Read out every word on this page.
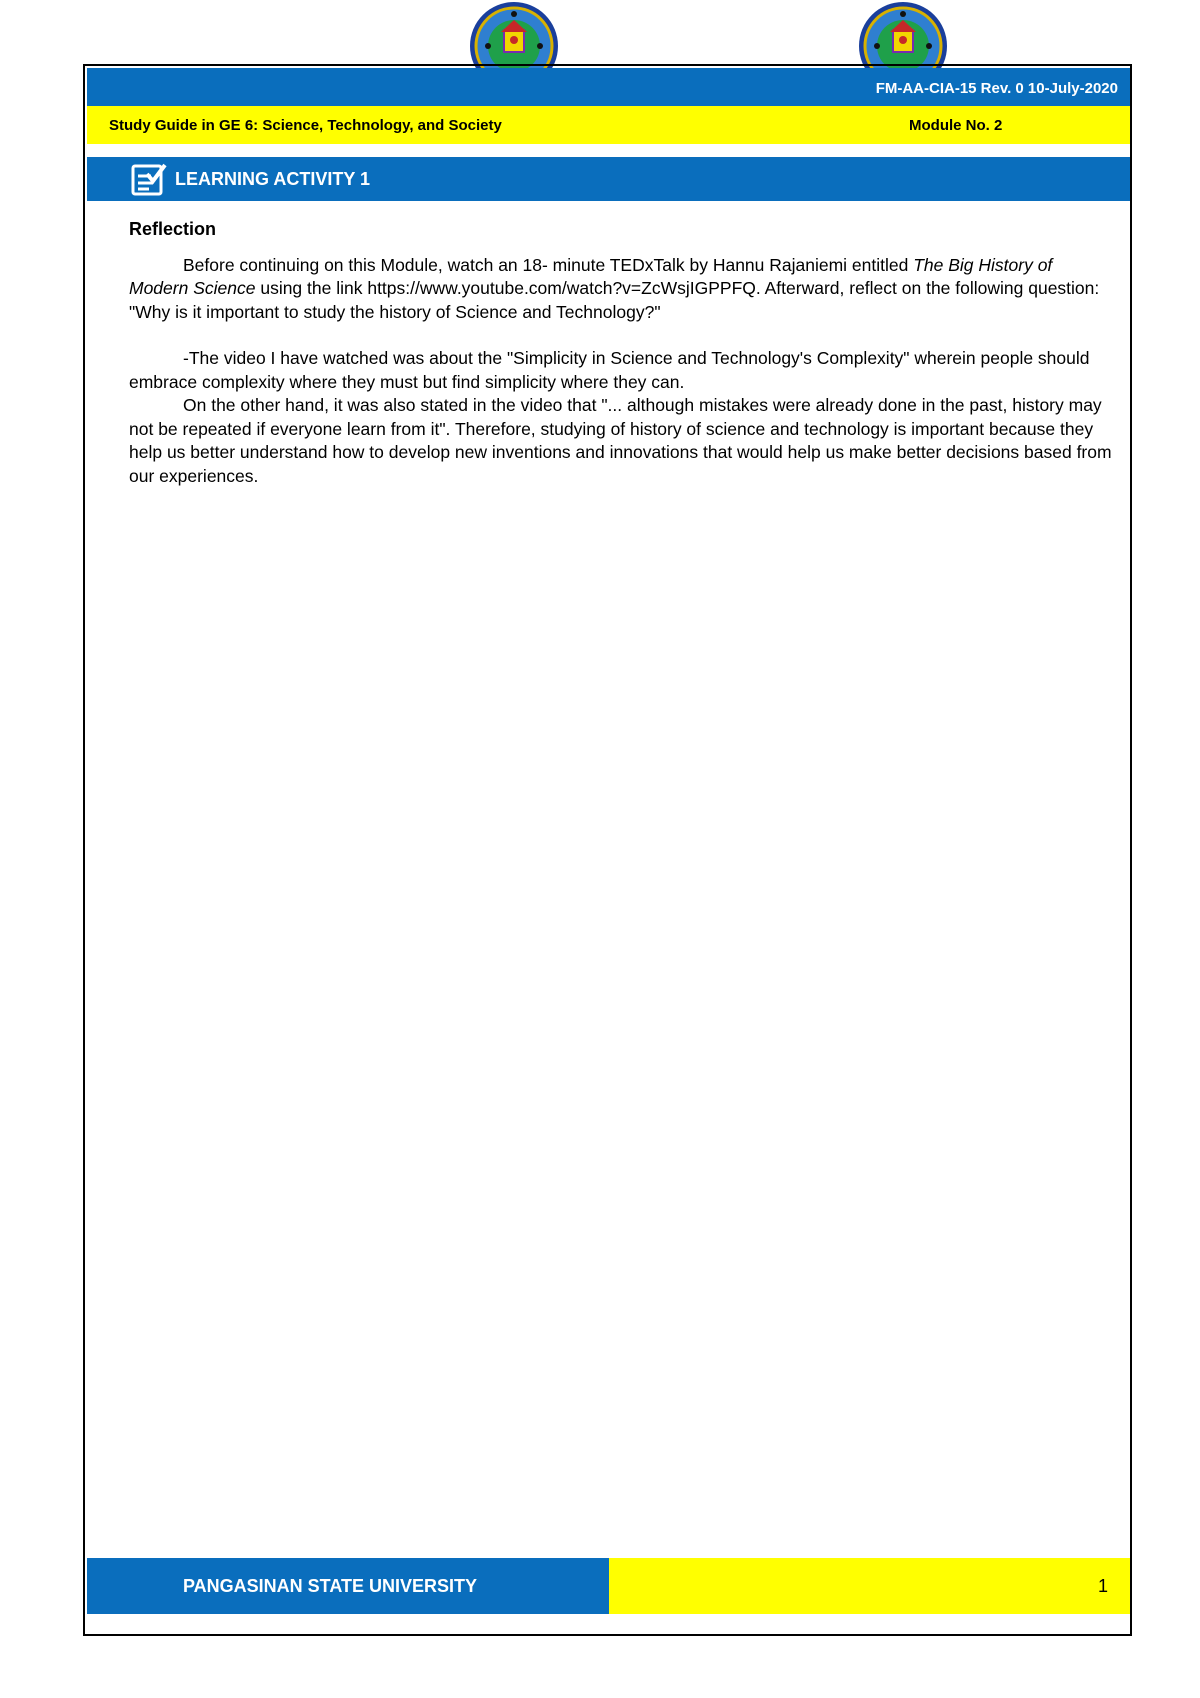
FM-AA-CIA-15 Rev. 0 10-July-2020
Study Guide in GE 6: Science, Technology, and Society	Module No. 2
LEARNING ACTIVITY 1

Reflection

Before continuing on this Module, watch an 18- minute TEDxTalk by Hannu Rajaniemi entitled The Big History of Modern Science using the link https://www.youtube.com/watch?v=ZcWsjIGPPFQ. Afterward, reflect on the following question: "Why is it important to study the history of Science and Technology?"

-The video I have watched was about the "Simplicity in Science and Technology's Complexity" wherein people should embrace complexity where they must but find simplicity where they can.

On the other hand, it was also stated in the video that "... although mistakes were already done in the past, history may not be repeated if everyone learn from it". Therefore, studying of history of science and technology is important because they help us better understand how to develop new inventions and innovations that would help us make better decisions based from our experiences.

PANGASINAN STATE UNIVERSITY	1
